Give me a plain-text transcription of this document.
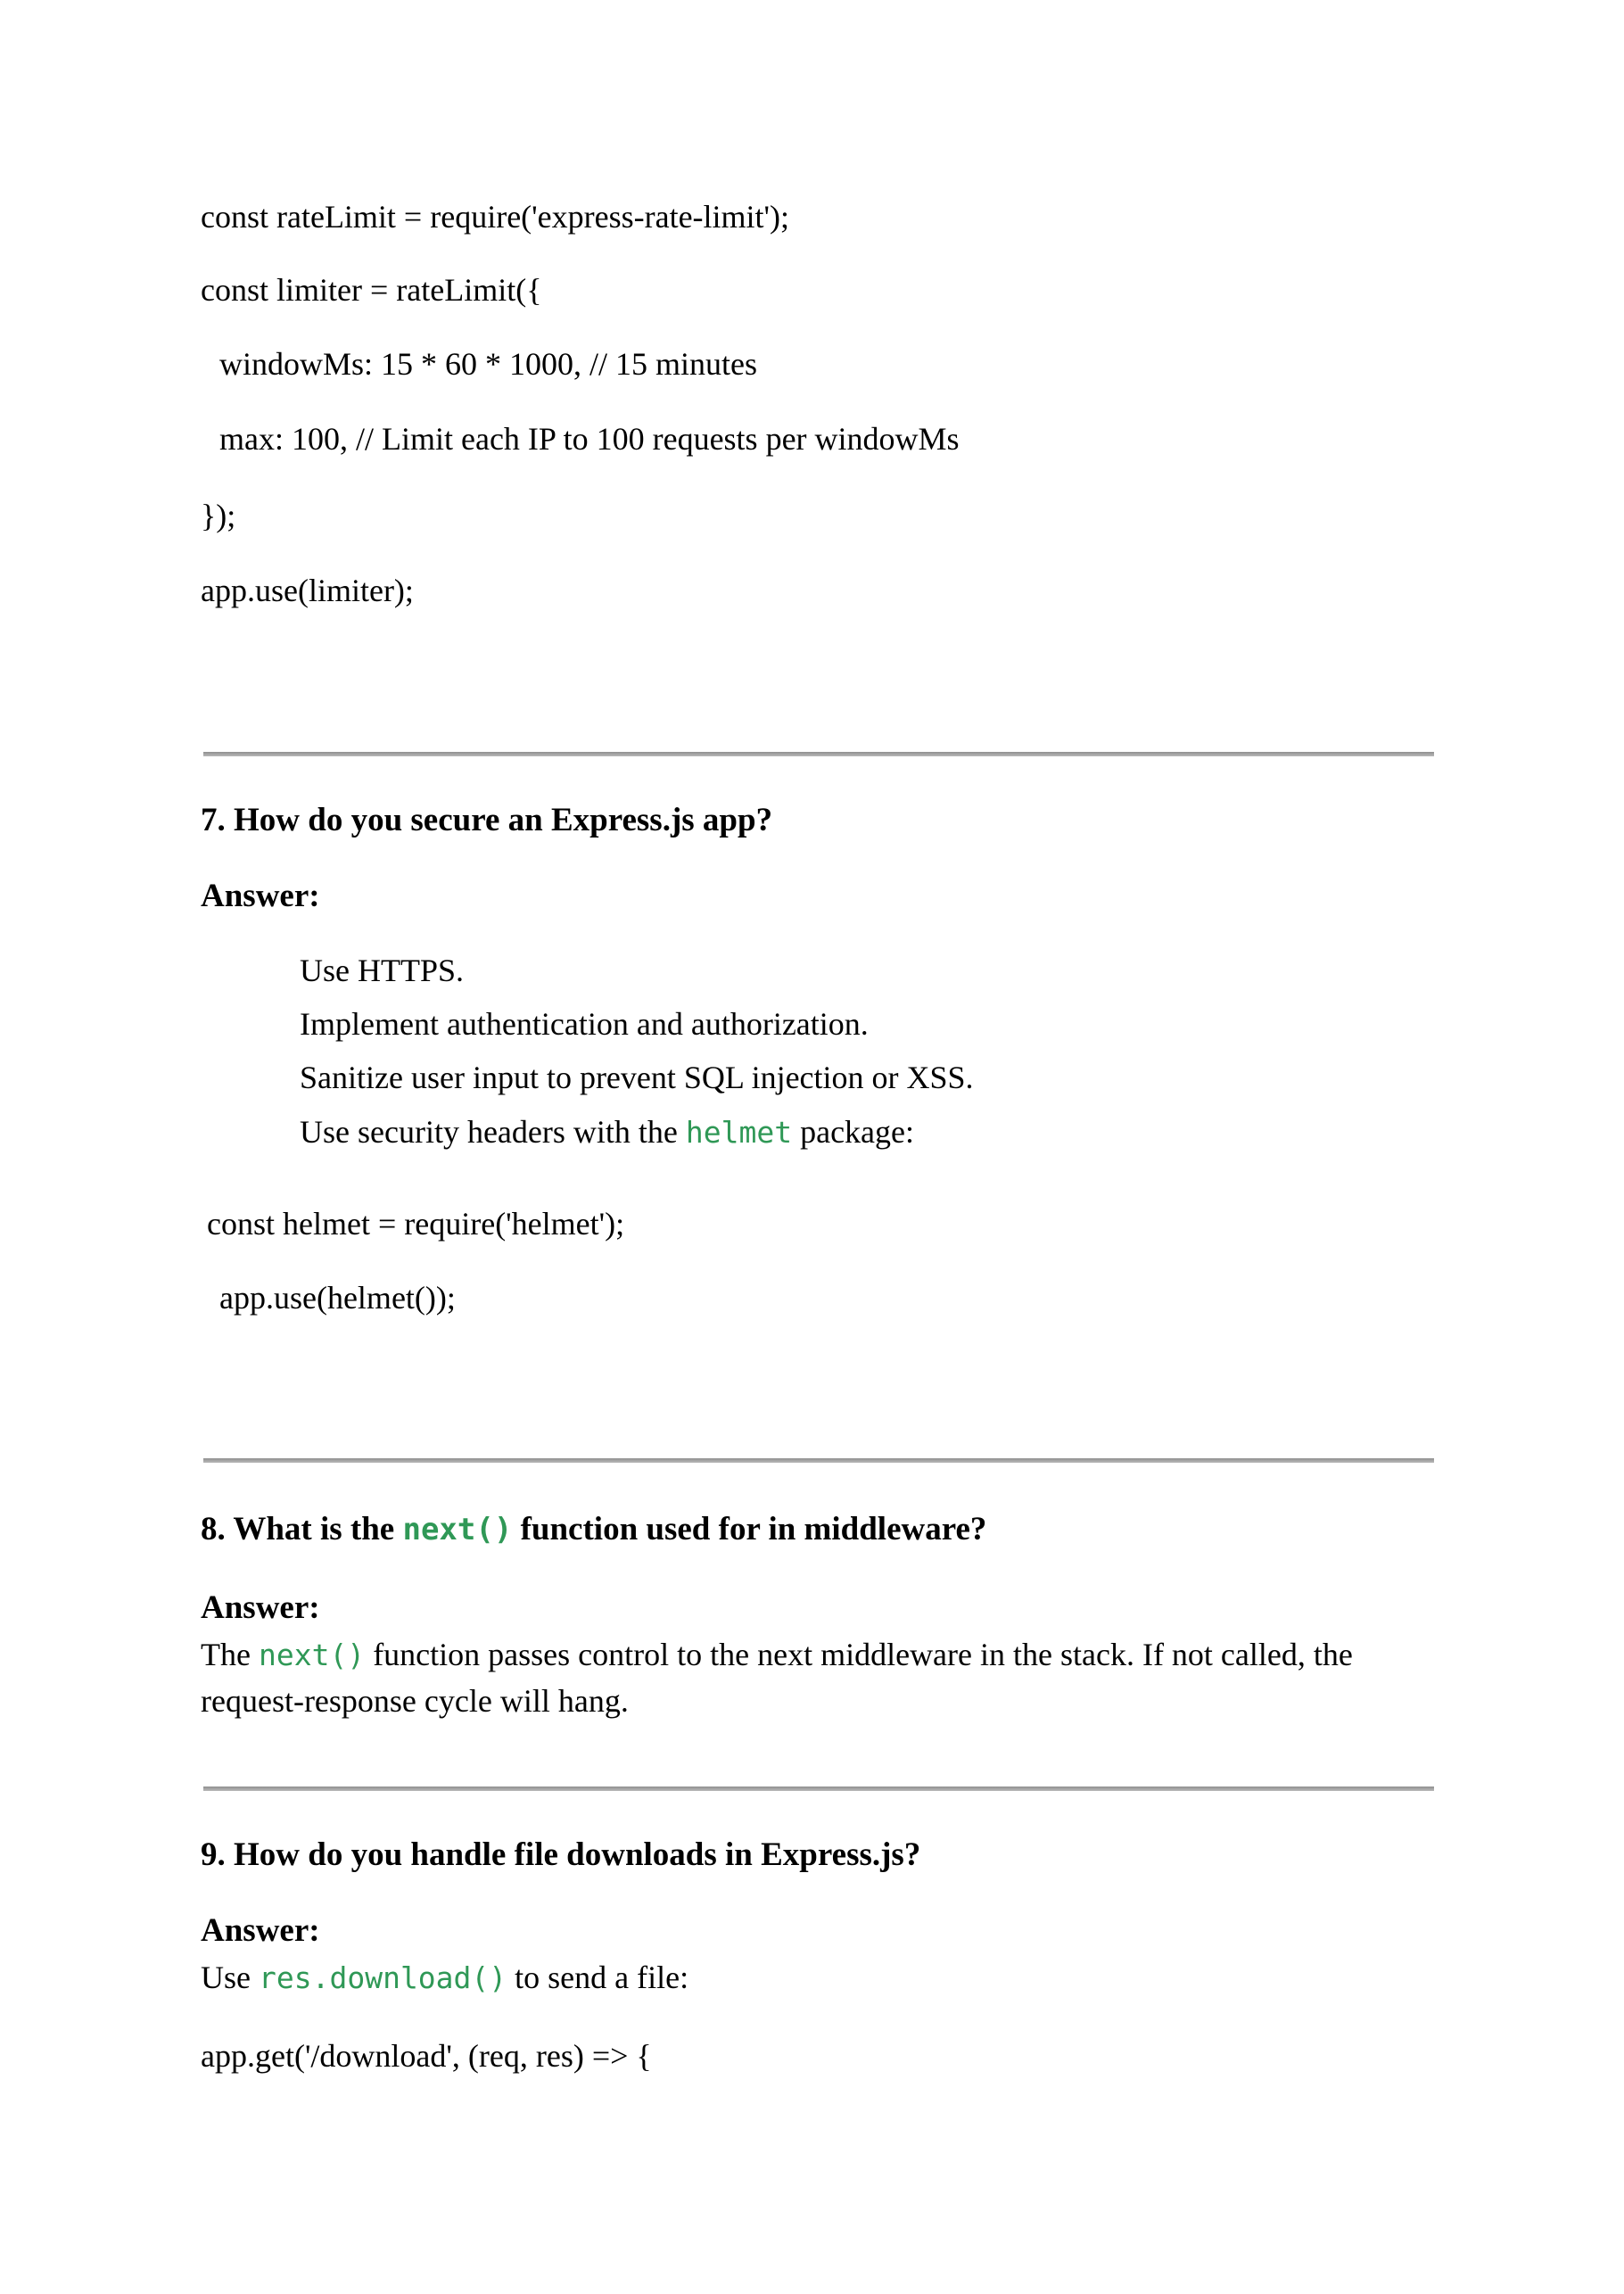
const rateLimit = require('express-rate-limit');
const limiter = rateLimit({
windowMs: 15 * 60 * 1000, // 15 minutes
max: 100, // Limit each IP to 100 requests per windowMs
});
app.use(limiter);
7. How do you secure an Express.js app?
Answer:
Use HTTPS.
Implement authentication and authorization.
Sanitize user input to prevent SQL injection or XSS.
Use security headers with the helmet package:
const helmet = require('helmet');
app.use(helmet());
8. What is the next() function used for in middleware?
Answer:
The next() function passes control to the next middleware in the stack. If not called, the
request-response cycle will hang.
9. How do you handle file downloads in Express.js?
Answer:
Use res.download() to send a file:
app.get('/download', (req, res) => {
